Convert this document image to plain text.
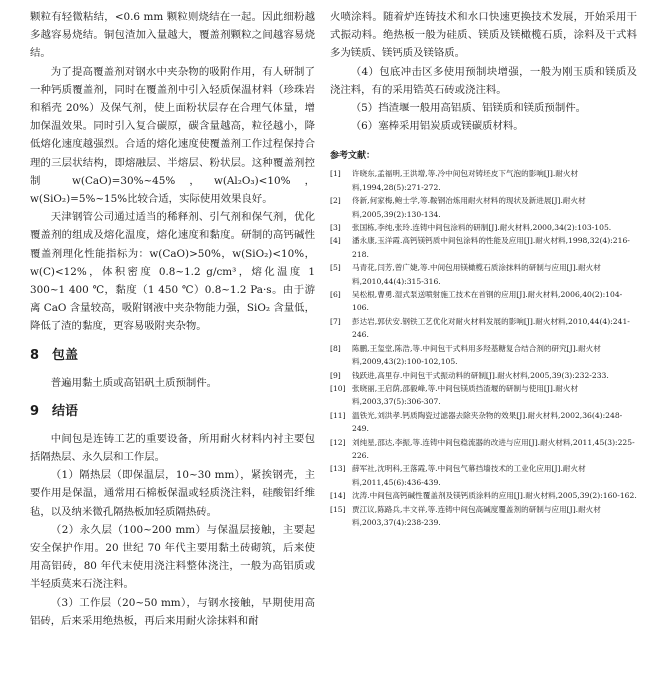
颗粒有轻微粘结，<0.6 mm 颗粒则烧结在一起。因此细粉越多越容易烧结。铜包渣加入量越大，覆盖剂颗粒之间越容易烧结。

为了提高覆盖剂对钢水中夹杂物的吸附作用，有人研制了一种钙质覆盖剂，同时在覆盖剂中引入轻质保温材料（珍珠岩和稻壳 20%）及保气剂，使上面粉状层存在合理气体量，增加保温效果。同时引入复合碳原，碳含量越高，粒径越小，降低熔化速度越强烈。合适的熔化速度使覆盖剂工作过程保持合理的三层状结构，即熔融层、半熔层、粉状层。这种覆盖剂控制 w(CaO)=30%~45%，w(Al₂O₃)<10%，w(SiO₂)=5%~15%比较合适，实际使用效果良好。

天津钢管公司通过适当的稀释剂、引气剂和保气剂，优化覆盖剂的组成及熔化温度，熔化速度和黏度。研制的高钙碱性覆盖剂理化性能指标为：w(CaO)>50%，w(SiO₂)<10%，w(C)<12%，体积密度 0.8~1.2 g/cm³，熔化温度 1 300~1 400 ℃，黏度（1 450 ℃）0.8~1.2 Pa·s。由于游离 CaO 含量较高，吸附钢液中夹杂物能力强，SiO₂ 含量低，降低了渣的黏度，更容易吸附夹杂物。

8　包盖

普遍用黏土质或高铝矾土质预制件。

9　结语

中间包是连铸工艺的重要设备，所用耐火材料内衬主要包括隔热层、永久层和工作层。

（1）隔热层（即保温层，10~30 mm），紧挨钢壳，主要作用是保温，通常用石棉板保温或轻质浇注料，硅酸铝纤维毡，以及纳米微孔隔热板加轻质隔热砖。

（2）永久层（100~200 mm）与保温层接触，主要起安全保护作用。20 世纪 70 年代主要用黏土砖砌筑，后来使用高铝砖，80 年代末使用浇注料整体浇注，一般为高铝质或半轻质莫来石浇注料。

（3）工作层（20~50 mm），与钢水接触，早期使用高铝砖，后来采用绝热板，再后来用耐火涂抹料和耐

火喷涂料。随着炉连铸技术和水口快速更换技术发展，开始采用干式振动料。绝热板一般为硅质、镁质及镁橄榄石质，涂料及干式料多为镁质、镁钙质及镁铬质。

（4）包底冲击区多使用预制块增强，一般为刚玉质和镁质及浇注料，有的采用锆英石砖或浇注料。

（5）挡渣堰一般用高铝质、铝镁质和镁质预制件。

（6）塞棒采用铝炭质或镁碳质材料。

参考文献：
[1]	许晓东,孟福明,王洪增,等.冷中间包对铸坯皮下气泡的影响[J].耐火材料,1994,28(5):271-272.
[2]	佟新,何家梅,鲍士学,等.鞍钢冶炼用耐火材料的现状及新进展[J].耐火材料,2005,39(2):130-134.
[3]	张国栋,李纯,张玲.连铸中间包涂料的研制[J].耐火材料,2000,34(2):103-105.
[4]	潘永康,玉洋霞.高钙镁钙质中间包涂料的性能及应用[J].耐火材料,1998,32(4):216-218.
[5]	马青花,闫芳,曾广婕,等.中间包用镁橄榄石质涂抹料的研制与应用[J].耐火材料,2010,44(4):315-316.
[6]	吴松根,曹勇.湿式泵送喷射施工技术在首钢的应用[J].耐火材料,2006,40(2):104-106.
[7]	彭达岩,郭伏安.钢铁工艺优化对耐火材料发展的影响[J].耐火材料,2010,44(4):241-246.
[8]	陈鹏,王玺堂,陈浩,等.中间包干式料用多羟基糖复合结合剂的研究[J].耐火材料,2009,43(2):100-102,105.
[9]	钱跃进,高里存.中间包干式振动料的研制[J].耐火材料,2005,39(3):232-233.
[10] 张晓丽,王启荫,邵毅峰,等.中间包镁质挡渣堰的研制与使用[J].耐火材料,2003,37(5):306-307.
[11] 温铁光,刘洪孝.钙质陶瓷过滤器去除夹杂物的效果[J].耐火材料,2002,36(4):248-249.
[12] 刘纯星,邵达,李振,等.连铸中间包稳流器的改进与应用[J].耐火材料,2011,45(3):225-226.
[13] 薛军社,沈明科,王落霞,等.中间包气幕挡墙技术的工业化应用[J].耐火材料,2011,45(6):436-439.
[14] 沈涛.中间包高钙碱性覆盖剂及镁钙质涂料的应用[J].耐火材料,2005,39(2):160-162.
[15] 贾江议,陈路兵,丰文祥,等.连铸中间包高碱度覆盖剂的研制与应用[J].耐火材料,2003,37(4):238-239.
